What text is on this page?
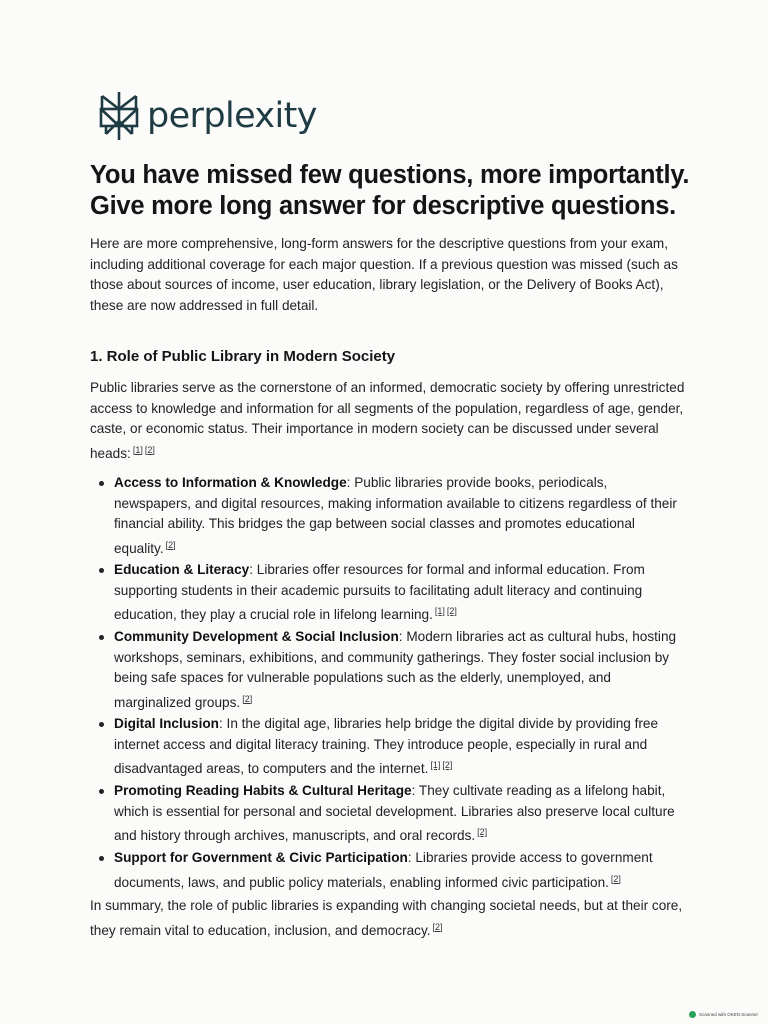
perplexity
You have missed few questions, more importantly. Give more long answer for descriptive questions.

Here are more comprehensive, long-form answers for the descriptive questions from your exam, including additional coverage for each major question. If a previous question was missed (such as those about sources of income, user education, library legislation, or the Delivery of Books Act), these are now addressed in full detail.

1. Role of Public Library in Modern Society

Public libraries serve as the cornerstone of an informed, democratic society by offering unrestricted access to knowledge and information for all segments of the population, regardless of age, gender, caste, or economic status. Their importance in modern society can be discussed under several heads: [1] [2]

Access to Information & Knowledge: Public libraries provide books, periodicals, newspapers, and digital resources, making information available to citizens regardless of their financial ability. This bridges the gap between social classes and promotes educational equality. [2]

Education & Literacy: Libraries offer resources for formal and informal education. From supporting students in their academic pursuits to facilitating adult literacy and continuing education, they play a crucial role in lifelong learning. [1] [2]

Community Development & Social Inclusion: Modern libraries act as cultural hubs, hosting workshops, seminars, exhibitions, and community gatherings. They foster social inclusion by being safe spaces for vulnerable populations such as the elderly, unemployed, and marginalized groups. [2]

Digital Inclusion: In the digital age, libraries help bridge the digital divide by providing free internet access and digital literacy training. They introduce people, especially in rural and disadvantaged areas, to computers and the internet. [1] [2]

Promoting Reading Habits & Cultural Heritage: They cultivate reading as a lifelong habit, which is essential for personal and societal development. Libraries also preserve local culture and history through archives, manuscripts, and oral records. [2]

Support for Government & Civic Participation: Libraries provide access to government documents, laws, and public policy materials, enabling informed civic participation. [2]

In summary, the role of public libraries is expanding with changing societal needs, but at their core, they remain vital to education, inclusion, and democracy. [2]

Scanned with OKEN Scanner
